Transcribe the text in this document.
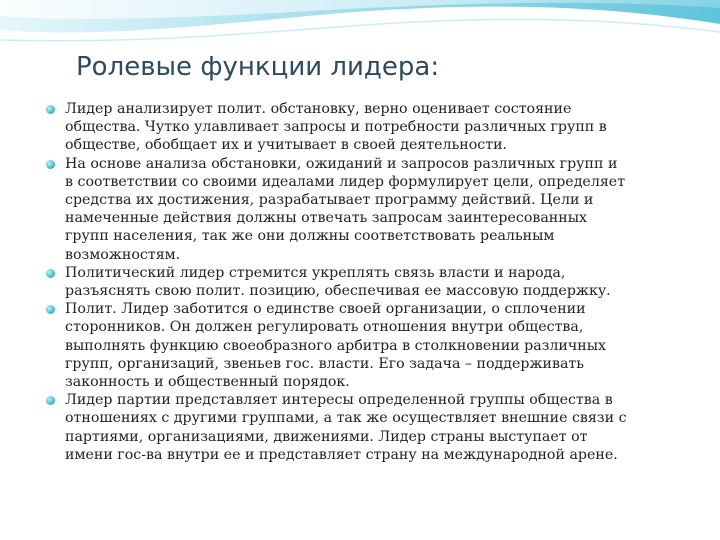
Ролевые функции лидера:
Лидер анализирует полит. обстановку, верно оценивает состояние
общества. Чутко улавливает запросы и потребности различных групп в
обществе, обобщает их и учитывает в своей деятельности.
На основе анализа обстановки, ожиданий и запросов различных групп и
в соответствии со своими идеалами лидер формулирует цели, определяет
средства их достижения, разрабатывает программу действий. Цели и
намеченные действия должны отвечать запросам заинтересованных
групп населения, так же они должны соответствовать реальным
возможностям.
Политический лидер стремится укреплять связь власти и народа,
разъяснять свою полит. позицию, обеспечивая ее массовую поддержку.
Полит. Лидер заботится о единстве своей организации, о сплочении
сторонников. Он должен регулировать отношения внутри общества,
выполнять функцию своеобразного арбитра в столкновении различных
групп, организаций, звеньев гос. власти. Его задача – поддерживать
законность и общественный порядок.
Лидер партии представляет интересы определенной группы общества в
отношениях с другими группами, а так же осуществляет внешние связи с
партиями, организациями, движениями. Лидер страны выступает от
имени гос-ва внутри ее и представляет страну на международной арене.
